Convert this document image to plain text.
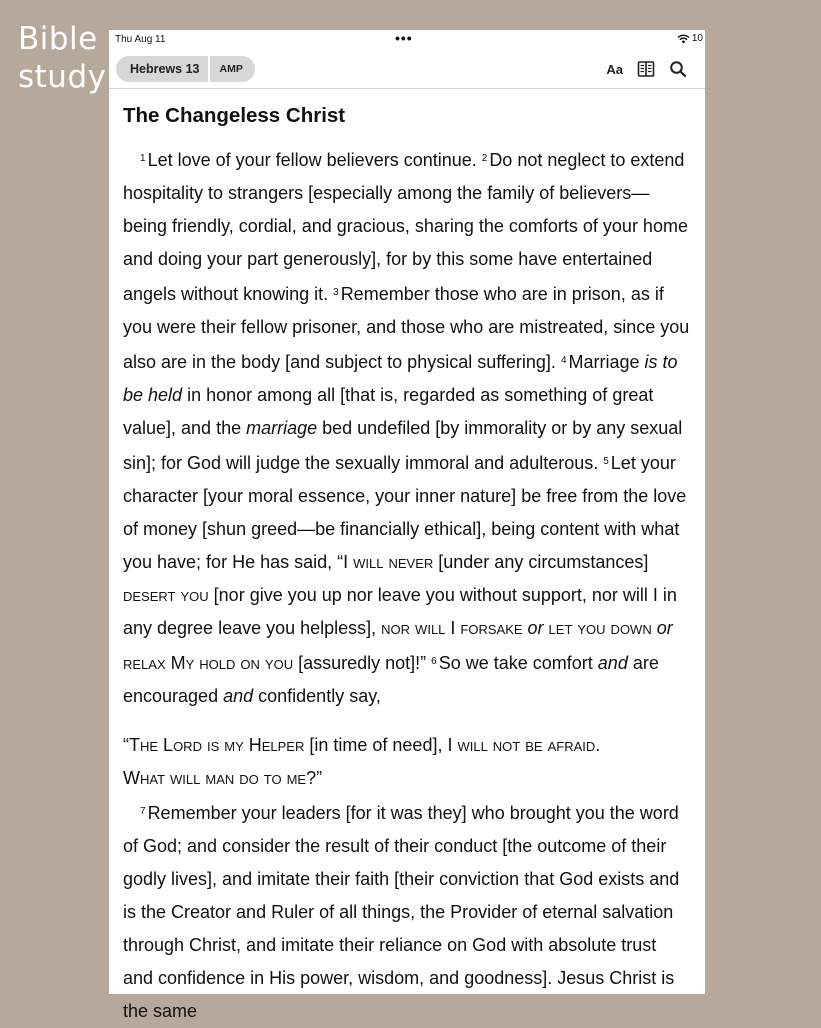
Bible
study
Thu Aug 11	•••	10
Hebrews 13	AMP	Aa
The Changeless Christ

$^1$ Let love of your fellow believers continue. $^2$ Do not neglect to extend hospitality to strangers [especially among the family of believers—being friendly, cordial, and gracious, sharing the comforts of your home and doing your part generously], for by this some have entertained angels without knowing it. $^3$ Remember those who are in prison, as if you were their fellow prisoner, and those who are mistreated, since you also are in the body [and subject to physical suffering]. $^4$ Marriage is to be held in honor among all [that is, regarded as something of great value], and the marriage bed undefiled [by immorality or by any sexual sin]; for God will judge the sexually immoral and adulterous. $^5$ Let your character [your moral essence, your inner nature] be free from the love of money [shun greed—be financially ethical], being content with what you have; for He has said, “I will never [under any circumstances] desert you [nor give you up nor leave you without support, nor will I in any degree leave you helpless], nor will I forsake or let you down or relax My hold on you [assuredly not]!” $^6$ So we take comfort and are encouraged and confidently say,

“The Lord is my Helper [in time of need], I will not be afraid.
What will man do to me?”

$^7$ Remember your leaders [for it was they] who brought you the word of God; and consider the result of their conduct [the outcome of their godly lives], and imitate their faith [their conviction that God exists and is the Creator and Ruler of all things, the Provider of eternal salvation through Christ, and imitate their reliance on God with absolute trust and confidence in His power, wisdom, and goodness]. Jesus Christ is the same
